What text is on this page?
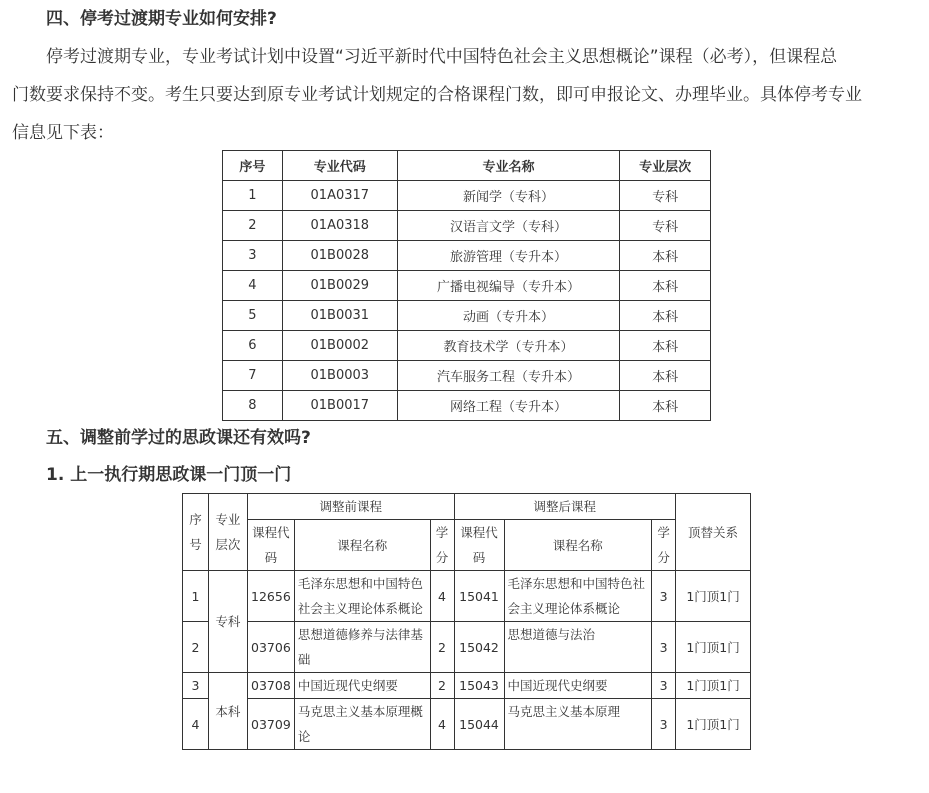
四、停考过渡期专业如何安排?
停考过渡期专业，专业考试计划中设置“习近平新时代中国特色社会主义思想概论”课程（必考），但课程总
门数要求保持不变。考生只要达到原专业考试计划规定的合格课程门数，即可申报论文、办理毕业。具体停考专业
信息见下表：
序号	专业代码	专业名称	专业层次
1	01A0317	新闻学（专科）	专科
2	01A0318	汉语言文学（专科）	专科
3	01B0028	旅游管理（专升本）	本科
4	01B0029	广播电视编导（专升本）	本科
5	01B0031	动画（专升本）	本科
6	01B0002	教育技术学（专升本）	本科
7	01B0003	汽车服务工程（专升本）	本科
8	01B0017	网络工程（专升本）	本科
五、调整前学过的思政课还有效吗?
1. 上一执行期思政课一门顶一门
序号	专业层次	调整前课程			调整后课程			顶替关系
		课程代码	课程名称	学分	课程代码	课程名称	学分	
1	专科	12656	毛泽东思想和中国特色社会主义理论体系概论	4	15041	毛泽东思想和中国特色社会主义理论体系概论	3	1门顶1门
2		03706	思想道德修养与法律基础	2	15042	思想道德与法治	3	1门顶1门
3	本科	03708	中国近现代史纲要	2	15043	中国近现代史纲要	3	1门顶1门
4		03709	马克思主义基本原理概论	4	15044	马克思主义基本原理	3	1门顶1门
